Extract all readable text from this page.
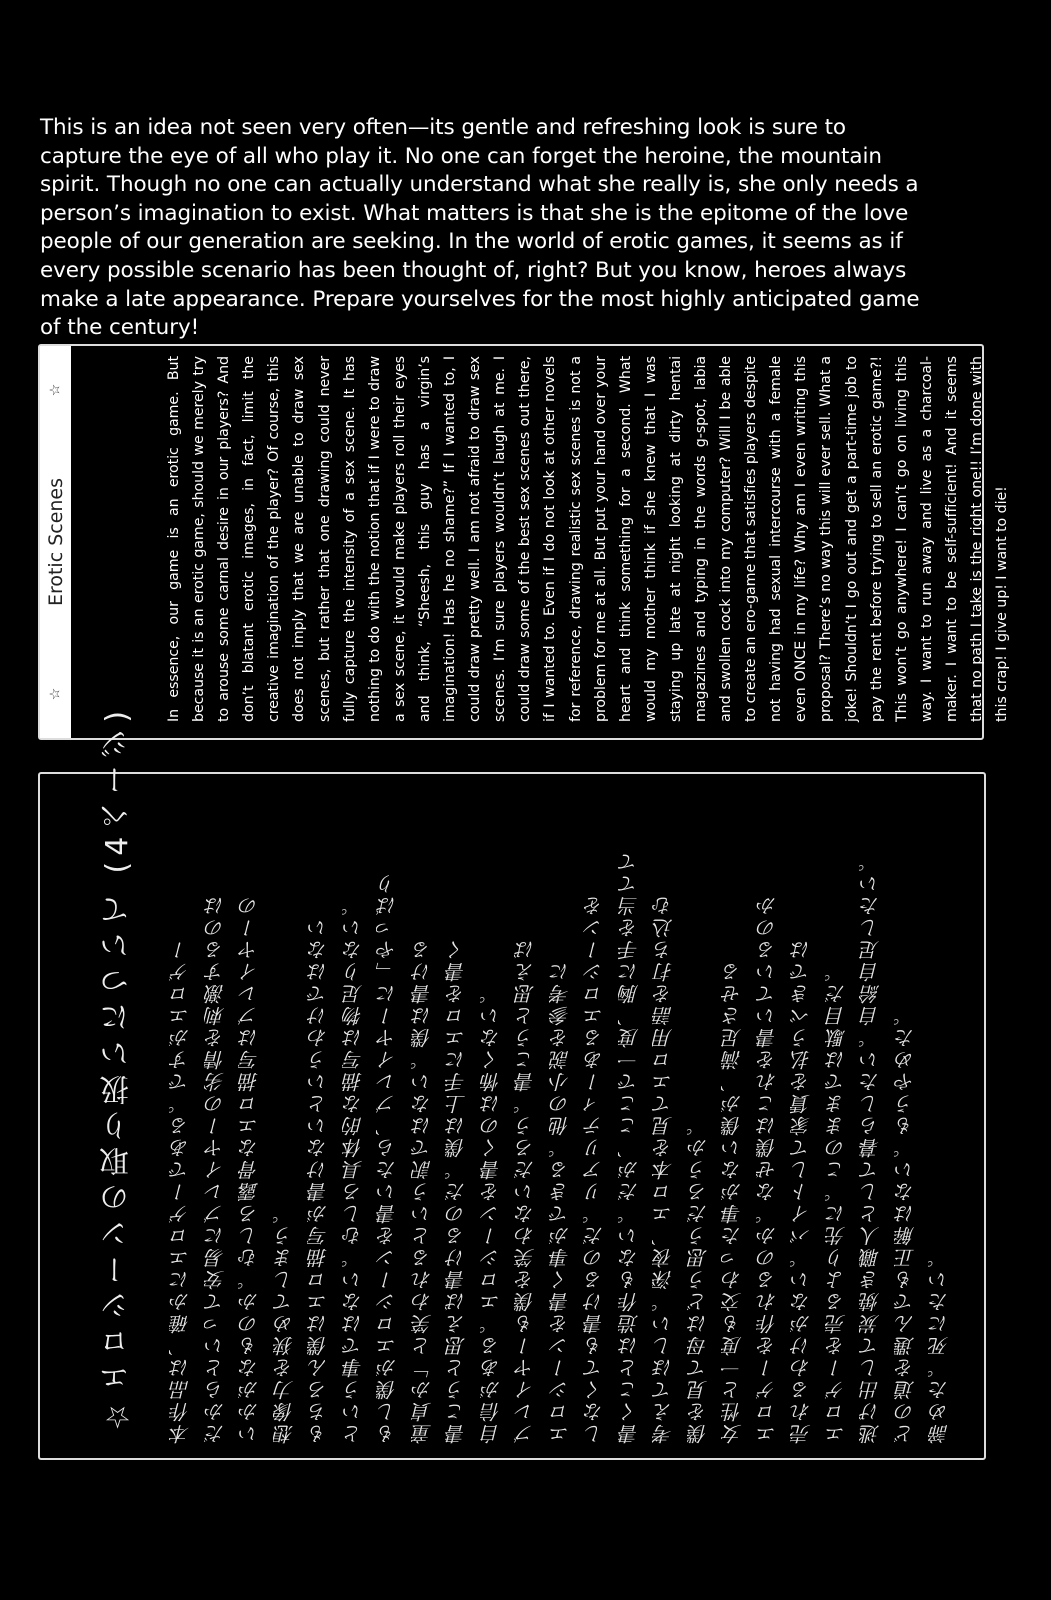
This is an idea not seen very often—its gentle and refreshing look is sure to capture the eye of all who play it. No one can forget the heroine, the mountain spirit. Though no one can actually understand what she really is, she only needs a person’s imagination to exist. What matters is that she is the epitome of the love people of our generation are seeking. In the world of erotic games, it seems as if every possible scenario has been thought of, right? But you know, heroes always make a late appearance. Prepare yourselves for the most highly anticipated game of the century!

☆
Erotic Scenes
☆	In essence, our game is an erotic game. But because it is an erotic game, should we merely try to arouse some carnal desire in our players? And don’t blatant erotic images, in fact, limit the creative imagination of the player? Of course, this does not imply that we are unable to draw sex scenes, but rather that one drawing could never fully capture the intensity of a sex scene. It has nothing to do with the notion that if I were to draw a sex scene, it would make players roll their eyes and think, “Sheesh, this guy has a virgin’s imagination! Has he no shame?” If I wanted to, I could draw pretty well. I am not afraid to draw sex scenes. I’m sure players wouldn’t laugh at me. I could draw some of the best sex scenes out there, if I wanted to. Even if I do not look at other novels for reference, drawing realistic sex scenes is not a problem for me at all. But put your hand over your heart and think something for a second. What would my mother think if she knew that I was staying up late at night looking at dirty hentai magazines and typing in the words g-spot, labia and swollen cock into my computer? Will I be able to create an ero-game that satisfies players despite not having had sexual intercourse with a female even ONCE in my life? Why am I even writing this proposal? There’s no way this will ever sell. What a joke! Shouldn’t I go out and get a part-time job to pay the rent before trying to sell an erotic game?! This won’t go anywhere! I can’t go on living this way. I want to run away and live as a charcoal-maker. I want to be self-sufficient! And it seems that no path I take is the right one!! I’m done with this crap! I give up! I want to die!

☆エロシーンの取り扱いについて (4ページ)	本作品は、確かにエロゲーである。ですがエロゲー だからといって安易にプレイヤーの劣情を刺激するのは いかがなものか。むしろ露骨なエロ描写はプレイヤーの 想像力を狭めてしまう。 もちろん僕はエロ描写が書けないというわけではない という事ではない。むしろ具体的な描写は物足りない。 もし僕がエロシーンを書いたら、プレイヤーに「やっぱり 童貞か」と笑われるという訳ではない。僕は書ける 書こうと思えば書けるのだ。僕は上手にエロを書く 自信がある。エロシーンを書くのは怖くない。 プレイヤーも僕を笑わないだろう。書こうと思えば エロシーンを書く事ができる。他の小説を参考に しなくても書けるのだ。リアリティーあるエロシーンを 書くことは造作もない。だが、ここで一度、胸に手を当てて 考えてほしい。深夜、エロ本を見てエロ用語を打ち込む 僕を見て母はどう思うだろうか。 女性と一度も交わった事がない僕が、満足させる エロゲーを作れるのか。なぜ僕はこれを書いているのか 売れるわけがない。バイトして家賃を払うべきでは エロゲーを売るより先に。このままでは駄目だ。 逃げ出して炭焼き職人として暮らしたい。自給自足したい。 どの道を選んでも正解はない。もうやめた。 諦めた。死にたい。
